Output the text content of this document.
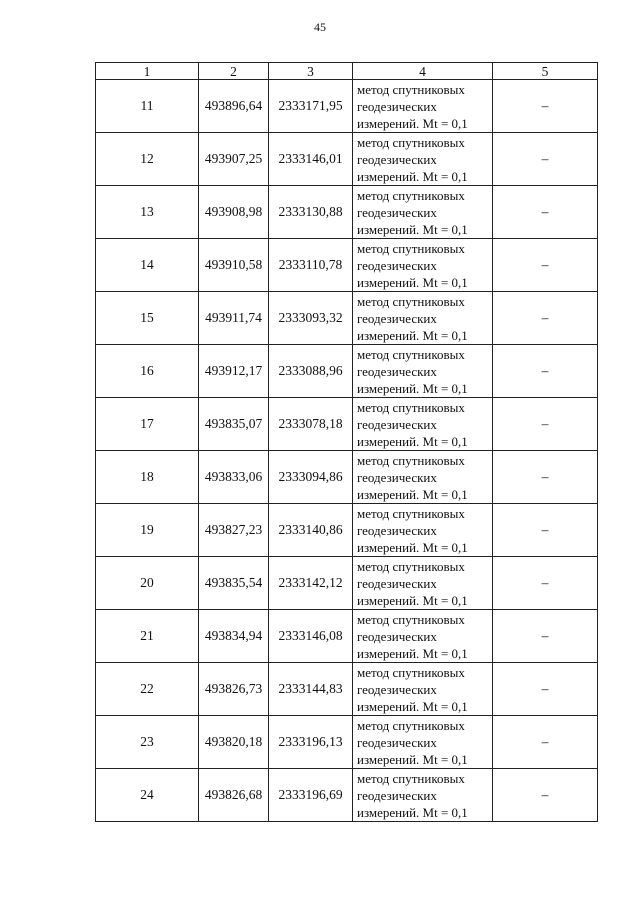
45
1	2	3	4	5
11	493896,64	2333171,95	метод спутниковых
геодезических
измерений. Mt = 0,1	–
12	493907,25	2333146,01	метод спутниковых
геодезических
измерений. Mt = 0,1	–
13	493908,98	2333130,88	метод спутниковых
геодезических
измерений. Mt = 0,1	–
14	493910,58	2333110,78	метод спутниковых
геодезических
измерений. Mt = 0,1	–
15	493911,74	2333093,32	метод спутниковых
геодезических
измерений. Mt = 0,1	–
16	493912,17	2333088,96	метод спутниковых
геодезических
измерений. Mt = 0,1	–
17	493835,07	2333078,18	метод спутниковых
геодезических
измерений. Mt = 0,1	–
18	493833,06	2333094,86	метод спутниковых
геодезических
измерений. Mt = 0,1	–
19	493827,23	2333140,86	метод спутниковых
геодезических
измерений. Mt = 0,1	–
20	493835,54	2333142,12	метод спутниковых
геодезических
измерений. Mt = 0,1	–
21	493834,94	2333146,08	метод спутниковых
геодезических
измерений. Mt = 0,1	–
22	493826,73	2333144,83	метод спутниковых
геодезических
измерений. Mt = 0,1	–
23	493820,18	2333196,13	метод спутниковых
геодезических
измерений. Mt = 0,1	–
24	493826,68	2333196,69	метод спутниковых
геодезических
измерений. Mt = 0,1	–
